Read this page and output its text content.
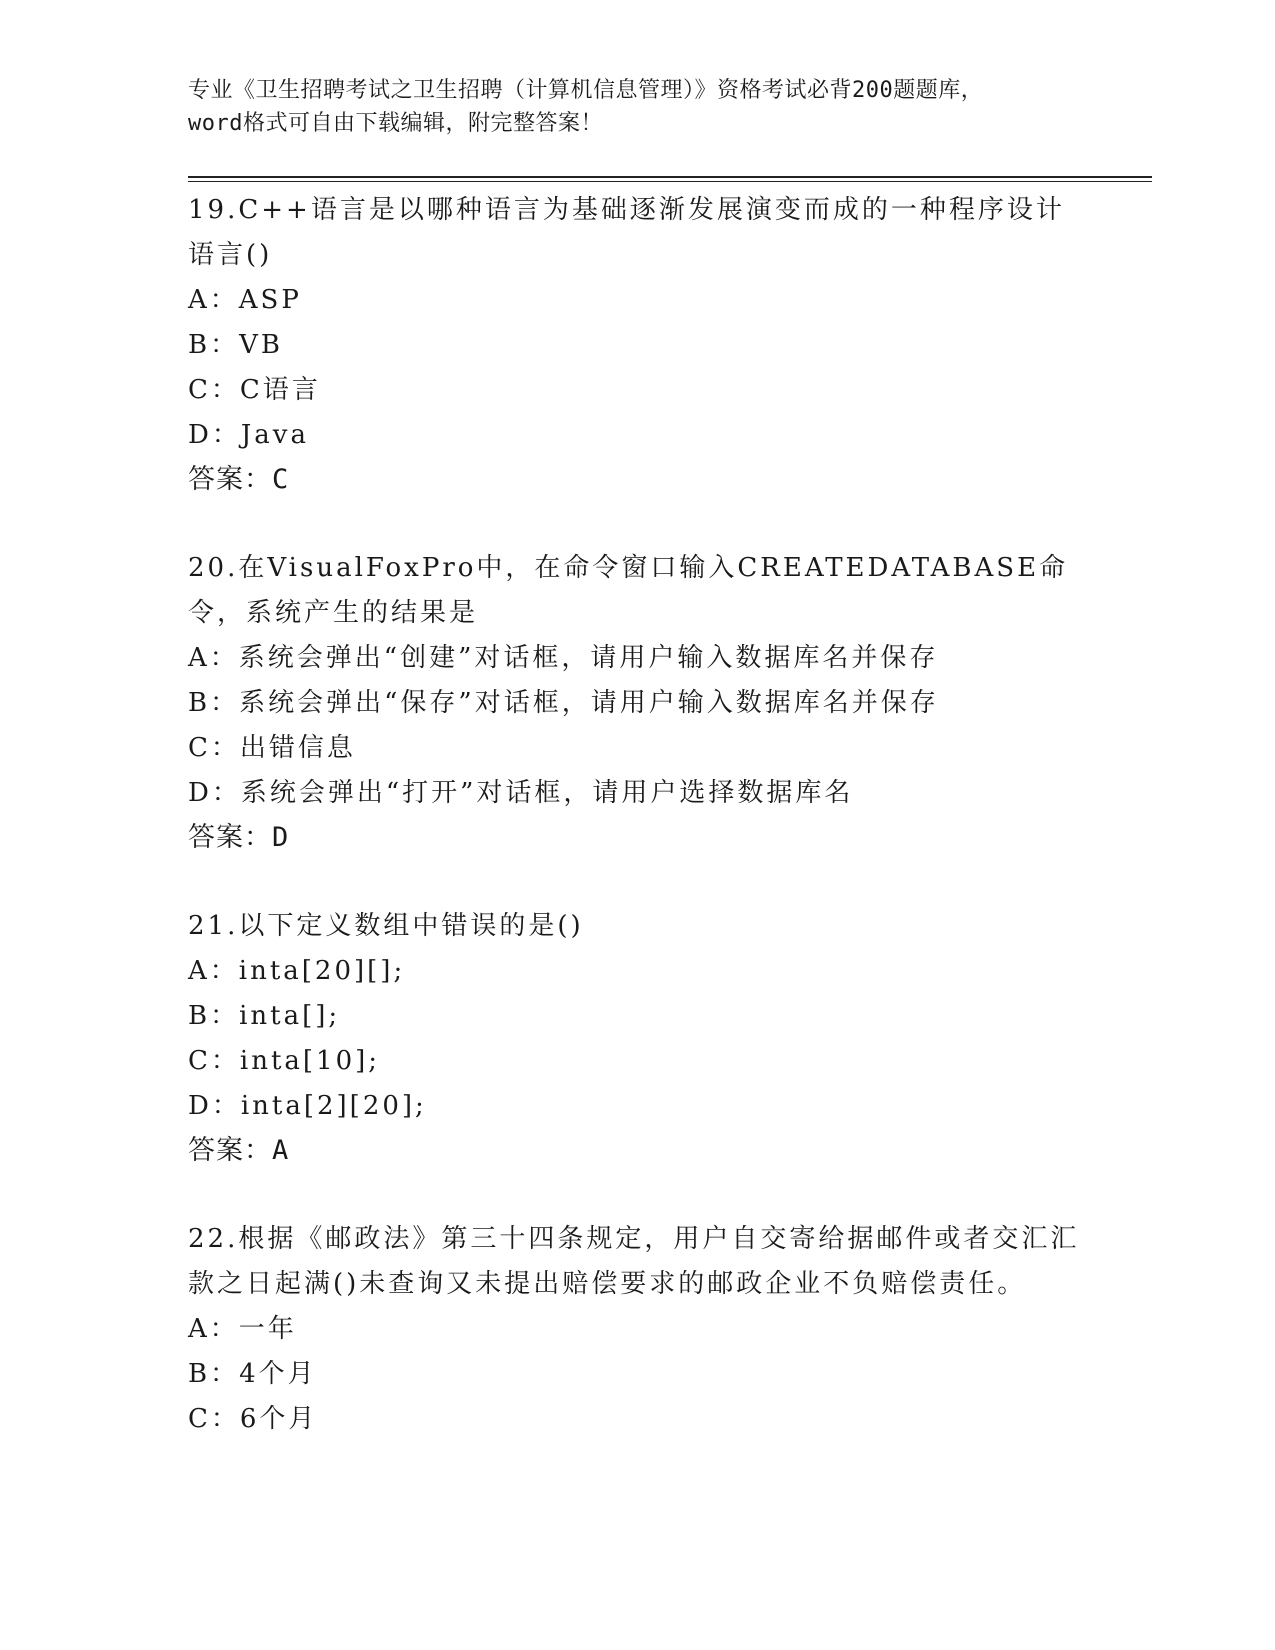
专业《卫生招聘考试之卫生招聘（计算机信息管理）》资格考试必背200题题库，
word格式可自由下载编辑，附完整答案！
19.C++语言是以哪种语言为基础逐渐发展演变而成的一种程序设计语言()
A：ASP
B：VB
C：C语言
D：Java
答案：C
20.在VisualFoxPro中，在命令窗口输入CREATEDATABASE命令，系统产生的结果是
A：系统会弹出“创建”对话框，请用户输入数据库名并保存
B：系统会弹出“保存”对话框，请用户输入数据库名并保存
C：出错信息
D：系统会弹出“打开”对话框，请用户选择数据库名
答案：D
21.以下定义数组中错误的是()
A：inta[20][];
B：inta[];
C：inta[10];
D：inta[2][20];
答案：A
22.根据《邮政法》第三十四条规定，用户自交寄给据邮件或者交汇汇款之日起满()未查询又未提出赔偿要求的邮政企业不负赔偿责任。
A：一年
B：4个月
C：6个月
